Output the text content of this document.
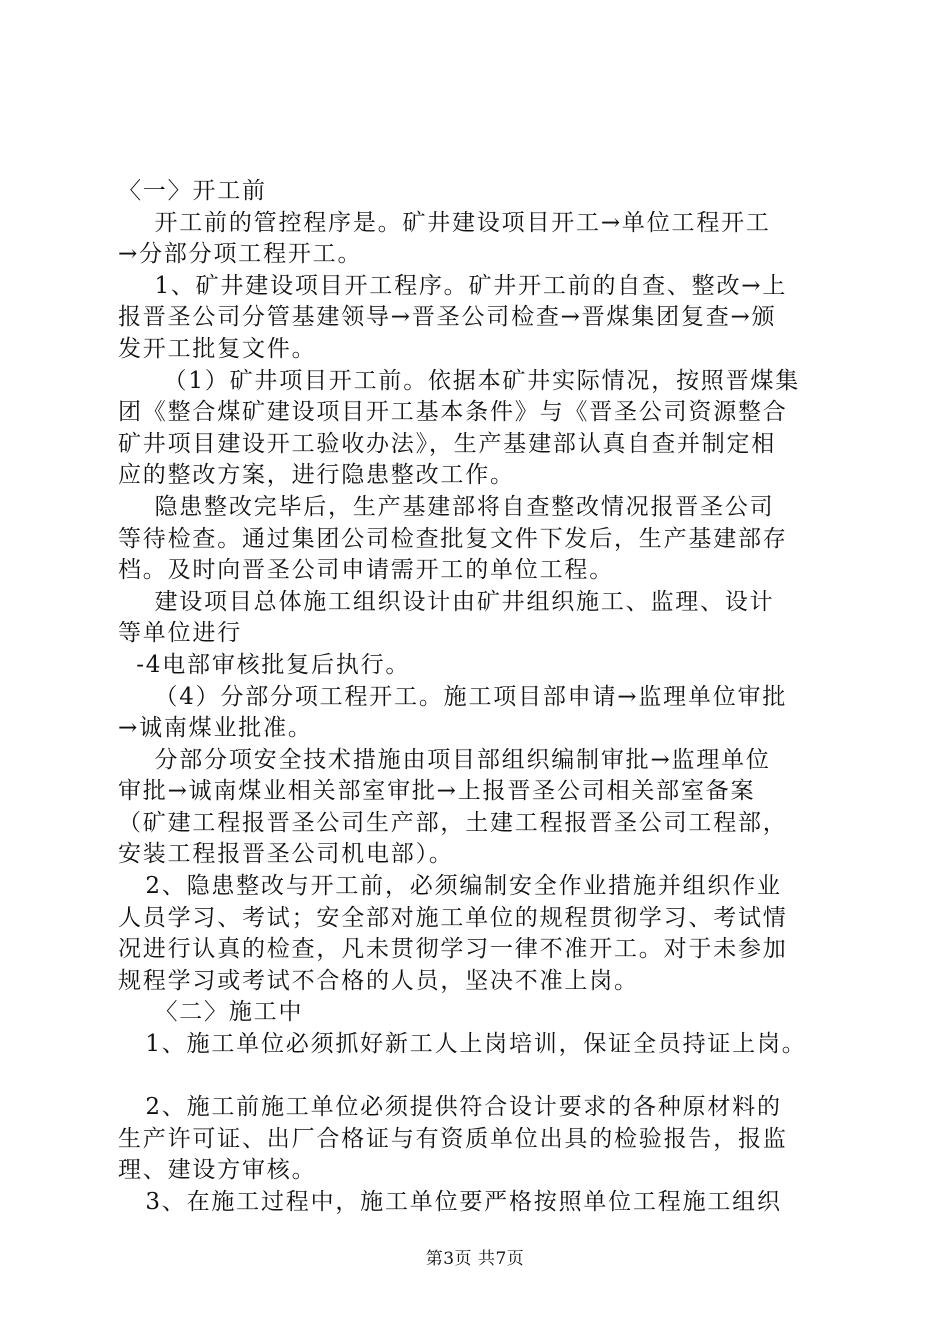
〈一〉开工前
开工前的管控程序是。矿井建设项目开工→单位工程开工
→分部分项工程开工。
1、矿井建设项目开工程序。矿井开工前的自查、整改→上
报晋圣公司分管基建领导→晋圣公司检查→晋煤集团复查→颁
发开工批复文件。
（1）矿井项目开工前。依据本矿井实际情况，按照晋煤集
团《整合煤矿建设项目开工基本条件》与《晋圣公司资源整合
矿井项目建设开工验收办法》，生产基建部认真自查并制定相
应的整改方案，进行隐患整改工作。
隐患整改完毕后，生产基建部将自查整改情况报晋圣公司
等待检查。通过集团公司检查批复文件下发后，生产基建部存
档。及时向晋圣公司申请需开工的单位工程。
建设项目总体施工组织设计由矿井组织施工、监理、设计
等单位进行
-4电部审核批复后执行。
（4）分部分项工程开工。施工项目部申请→监理单位审批
→诚南煤业批准。
分部分项安全技术措施由项目部组织编制审批→监理单位
审批→诚南煤业相关部室审批→上报晋圣公司相关部室备案
（矿建工程报晋圣公司生产部，土建工程报晋圣公司工程部，
安装工程报晋圣公司机电部）。
2、隐患整改与开工前，必须编制安全作业措施并组织作业
人员学习、考试；安全部对施工单位的规程贯彻学习、考试情
况进行认真的检查，凡未贯彻学习一律不准开工。对于未参加
规程学习或考试不合格的人员，坚决不准上岗。
〈二〉施工中
1、施工单位必须抓好新工人上岗培训，保证全员持证上岗。
2、施工前施工单位必须提供符合设计要求的各种原材料的
生产许可证、出厂合格证与有资质单位出具的检验报告，报监
理、建设方审核。
3、在施工过程中，施工单位要严格按照单位工程施工组织
第3页 共7页
